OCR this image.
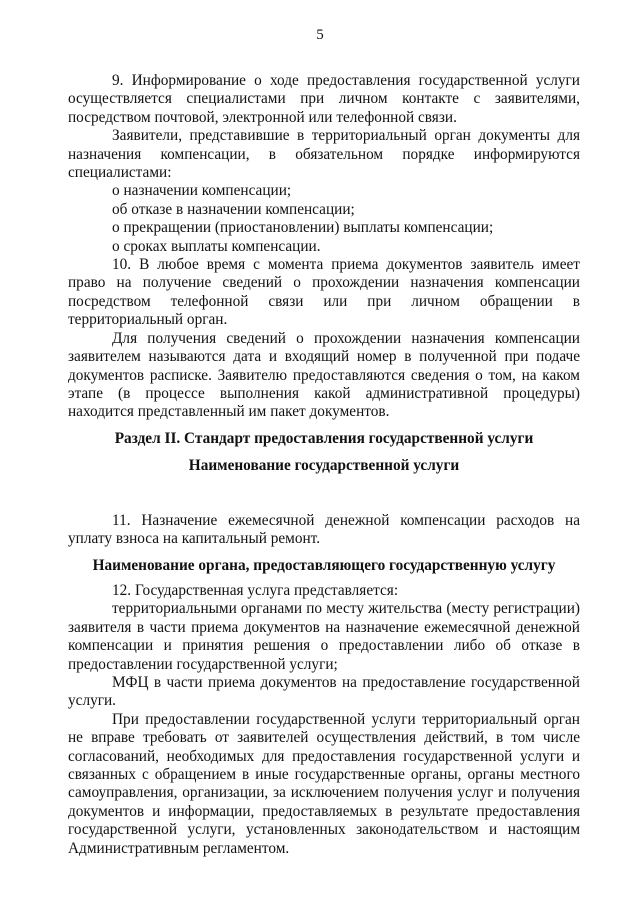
5

9. Информирование о ходе предоставления государственной услуги осуществляется специалистами при личном контакте с заявителями, посредством почтовой, электронной или телефонной связи.

Заявители, представившие в территориальный орган документы для назначения компенсации, в обязательном порядке информируются специалистами:

о назначении компенсации;

об отказе в назначении компенсации;

о прекращении (приостановлении) выплаты компенсации;

о сроках выплаты компенсации.

10. В любое время с момента приема документов заявитель имеет право на получение сведений о прохождении назначения компенсации посредством телефонной связи или при личном обращении в территориальный орган.

Для получения сведений о прохождении назначения компенсации заявителем называются дата и входящий номер в полученной при подаче документов расписке. Заявителю предоставляются сведения о том, на каком этапе (в процессе выполнения какой административной процедуры) находится представленный им пакет документов.

Раздел II. Стандарт предоставления государственной услуги
Наименование государственной услуги

11. Назначение ежемесячной денежной компенсации расходов на уплату взноса на капитальный ремонт.

Наименование органа, предоставляющего государственную услугу

12. Государственная услуга представляется:

территориальными органами по месту жительства (месту регистрации) заявителя в части приема документов на назначение ежемесячной денежной компенсации и принятия решения о предоставлении либо об отказе в предоставлении государственной услуги;

МФЦ в части приема документов на предоставление государственной услуги.

При предоставлении государственной услуги территориальный орган не вправе требовать от заявителей осуществления действий, в том числе согласований, необходимых для предоставления государственной услуги и связанных с обращением в иные государственные органы, органы местного самоуправления, организации, за исключением получения услуг и получения документов и информации, предоставляемых в результате предоставления государственной услуги, установленных законодательством и настоящим Административным регламентом.
